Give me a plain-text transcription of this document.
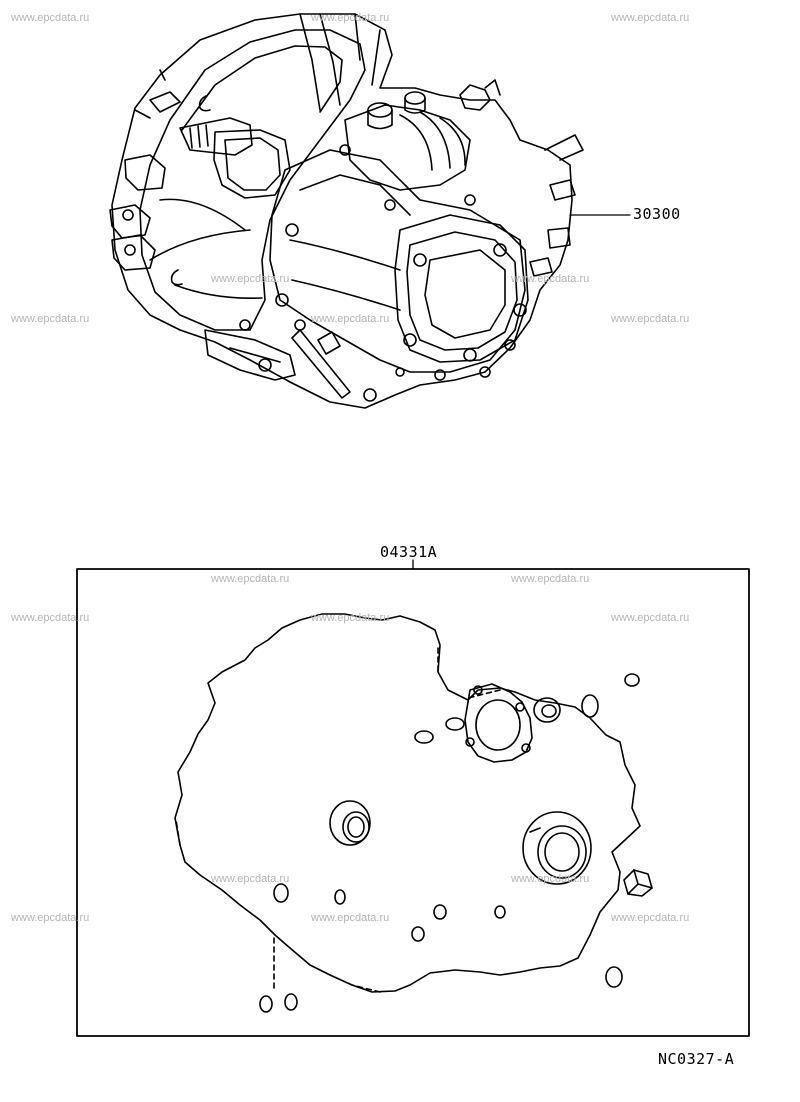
30300
04331A
NC0327-A
www.epcdata.ru	www.epcdata.ru
www.epcdata.ru
www.epcdata.ru	www.epcdata.ru
www.epcdata.ru	www.epcdata.ru	www.epcdata.ru
www.epcdata.ru	www.epcdata.ru
www.epcdata.ru	www.epcdata.ru	www.epcdata.ru
www.epcdata.ru	www.epcdata.ru
www.epcdata.ru	www.epcdata.ru	www.epcdata.ru
